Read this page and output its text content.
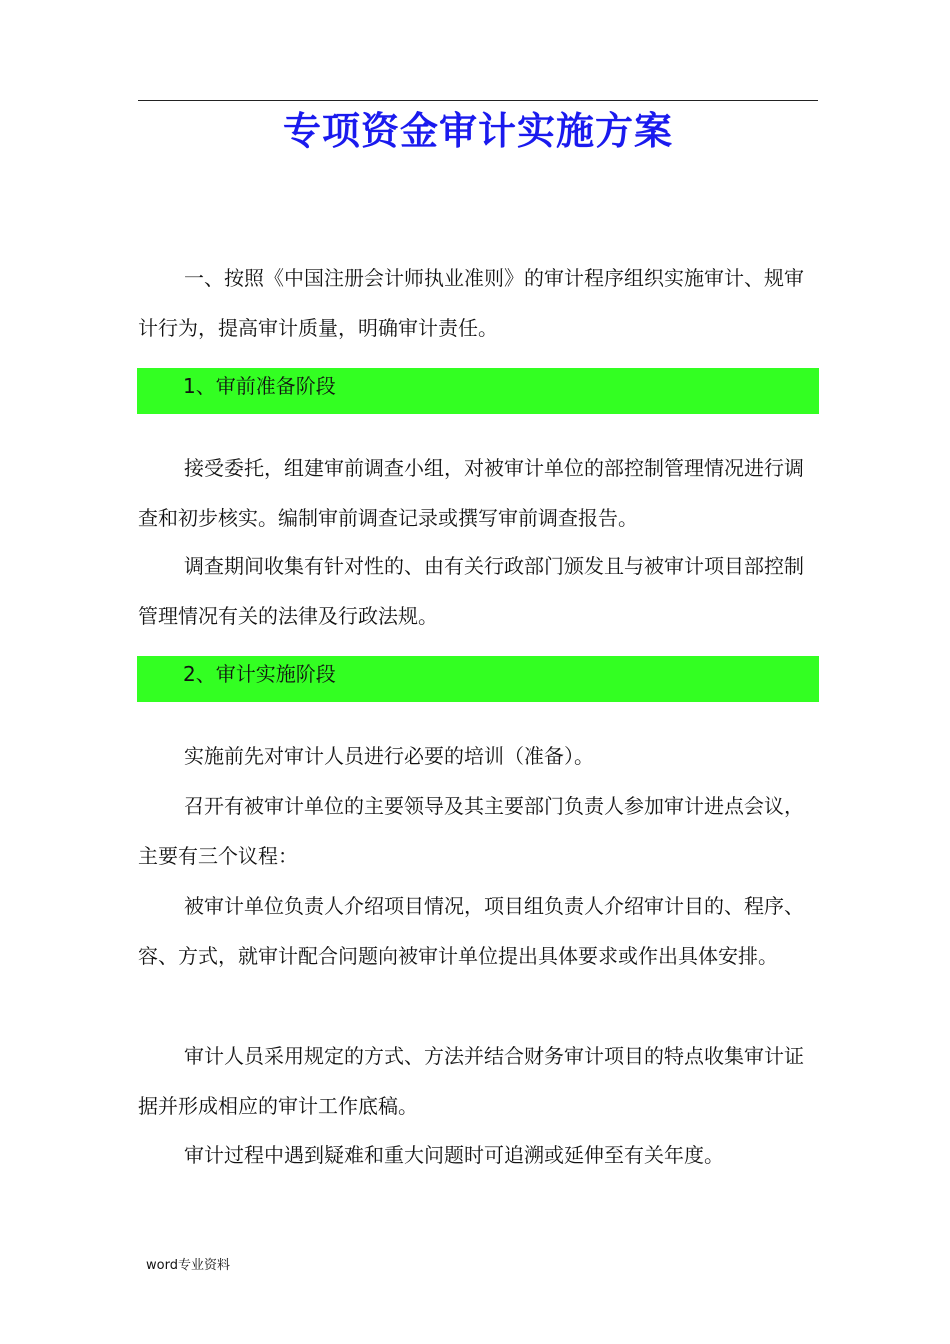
专项资金审计实施方案

一、按照《中国注册会计师执业准则》的审计程序组织实施审计、规审计行为，提高审计质量，明确审计责任。

1、审前准备阶段

接受委托，组建审前调查小组，对被审计单位的部控制管理情况进行调查和初步核实。编制审前调查记录或撰写审前调查报告。

调查期间收集有针对性的、由有关行政部门颁发且与被审计项目部控制管理情况有关的法律及行政法规。

2、审计实施阶段

实施前先对审计人员进行必要的培训（准备）。

召开有被审计单位的主要领导及其主要部门负责人参加审计进点会议，主要有三个议程：

被审计单位负责人介绍项目情况，项目组负责人介绍审计目的、程序、容、方式，就审计配合问题向被审计单位提出具体要求或作出具体安排。

审计人员采用规定的方式、方法并结合财务审计项目的特点收集审计证据并形成相应的审计工作底稿。

审计过程中遇到疑难和重大问题时可追溯或延伸至有关年度。

word专业资料
